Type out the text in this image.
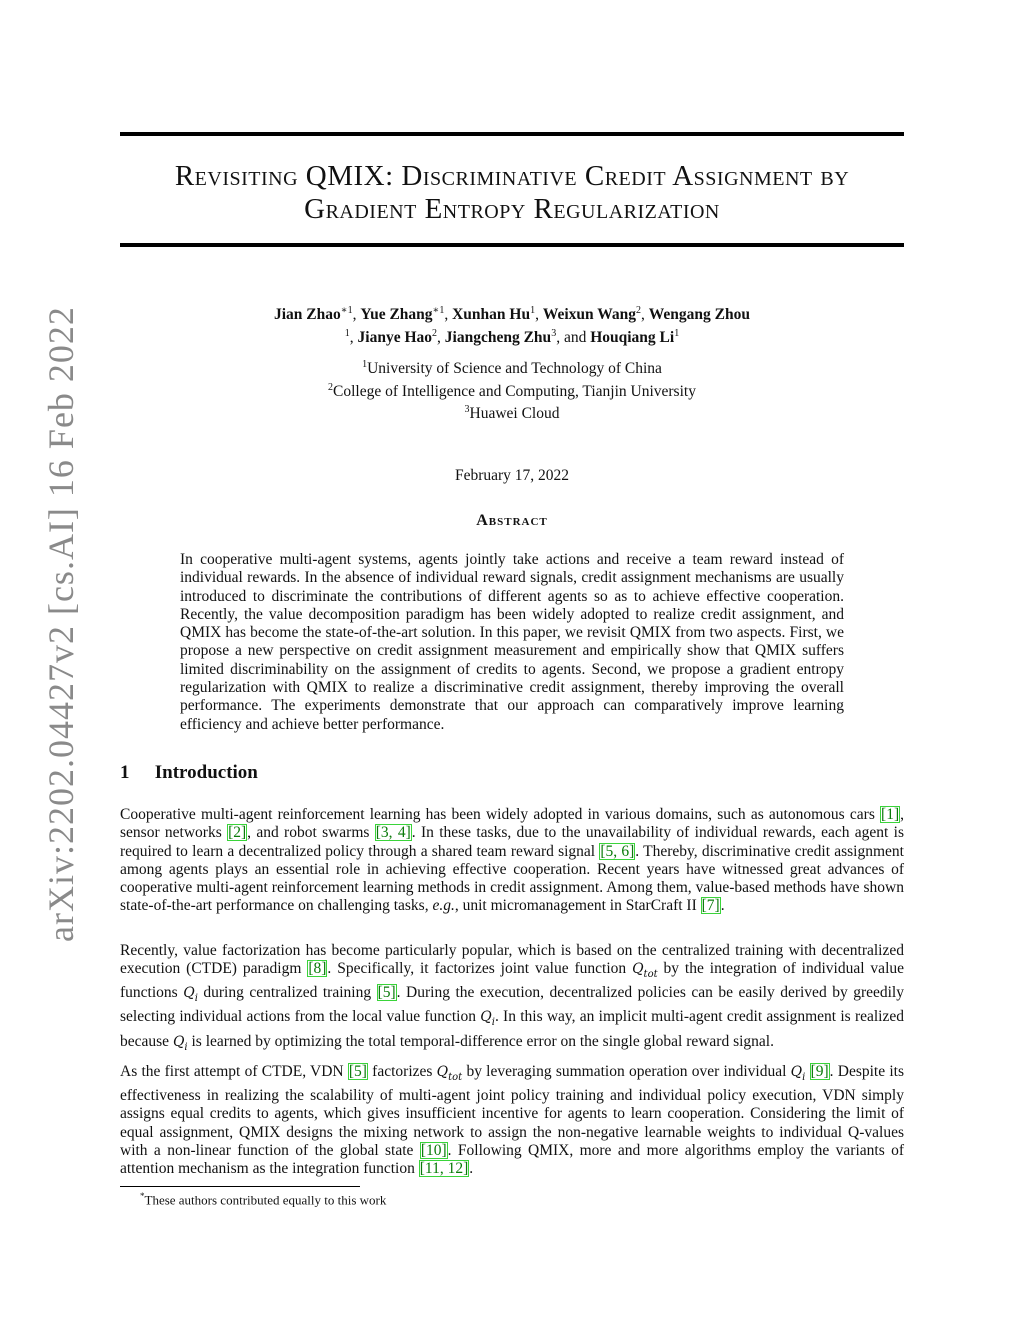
arXiv:2202.04427v2 [cs.AI] 16 Feb 2022
Revisiting QMIX: Discriminative Credit Assignment by
Gradient Entropy Regularization
Jian Zhao$^{∗1}$, Yue Zhang$^{∗1}$, Xunhan Hu$^1$, Weixun Wang$^2$, Wengang Zhou
$^1$, Jianye Hao$^2$, Jiangcheng Zhu$^3$, and Houqiang Li$^1$
$^1$University of Science and Technology of China
$^2$College of Intelligence and Computing, Tianjin University
$^3$Huawei Cloud
February 17, 2022
Abstract
In cooperative multi-agent systems, agents jointly take actions and receive a team reward instead of individual rewards. In the absence of individual reward signals, credit assignment mechanisms are usually introduced to discriminate the contributions of different agents so as to achieve effective cooperation. Recently, the value decomposition paradigm has been widely adopted to realize credit assignment, and QMIX has become the state-of-the-art solution. In this paper, we revisit QMIX from two aspects. First, we propose a new perspective on credit assignment measurement and empirically show that QMIX suffers limited discriminability on the assignment of credits to agents. Second, we propose a gradient entropy regularization with QMIX to realize a discriminative credit assignment, thereby improving the overall performance. The experiments demonstrate that our approach can comparatively improve learning efficiency and achieve better performance.
1 Introduction

Cooperative multi-agent reinforcement learning has been widely adopted in various domains, such as autonomous cars [1], sensor networks [2], and robot swarms [3, 4]. In these tasks, due to the unavailability of individual rewards, each agent is required to learn a decentralized policy through a shared team reward signal [5, 6]. Thereby, discriminative credit assignment among agents plays an essential role in achieving effective cooperation. Recent years have witnessed great advances of cooperative multi-agent reinforcement learning methods in credit assignment. Among them, value-based methods have shown state-of-the-art performance on challenging tasks, e.g., unit micromanagement in StarCraft II [7].

Recently, value factorization has become particularly popular, which is based on the centralized training with decentralized execution (CTDE) paradigm [8]. Specifically, it factorizes joint value function $Q_{tot}$ by the integration of individual value functions $Q_i$ during centralized training [5]. During the execution, decentralized policies can be easily derived by greedily selecting individual actions from the local value function $Q_i$. In this way, an implicit multi-agent credit assignment is realized because $Q_i$ is learned by optimizing the total temporal-difference error on the single global reward signal.

As the first attempt of CTDE, VDN [5] factorizes $Q_{tot}$ by leveraging summation operation over individual $Q_i$ [9]. Despite its effectiveness in realizing the scalability of multi-agent joint policy training and individual policy execution, VDN simply assigns equal credits to agents, which gives insufficient incentive for agents to learn cooperation. Considering the limit of equal assignment, QMIX designs the mixing network to assign the non-negative learnable weights to individual Q-values with a non-linear function of the global state [10]. Following QMIX, more and more algorithms employ the variants of attention mechanism as the integration function [11, 12].

*These authors contributed equally to this work
